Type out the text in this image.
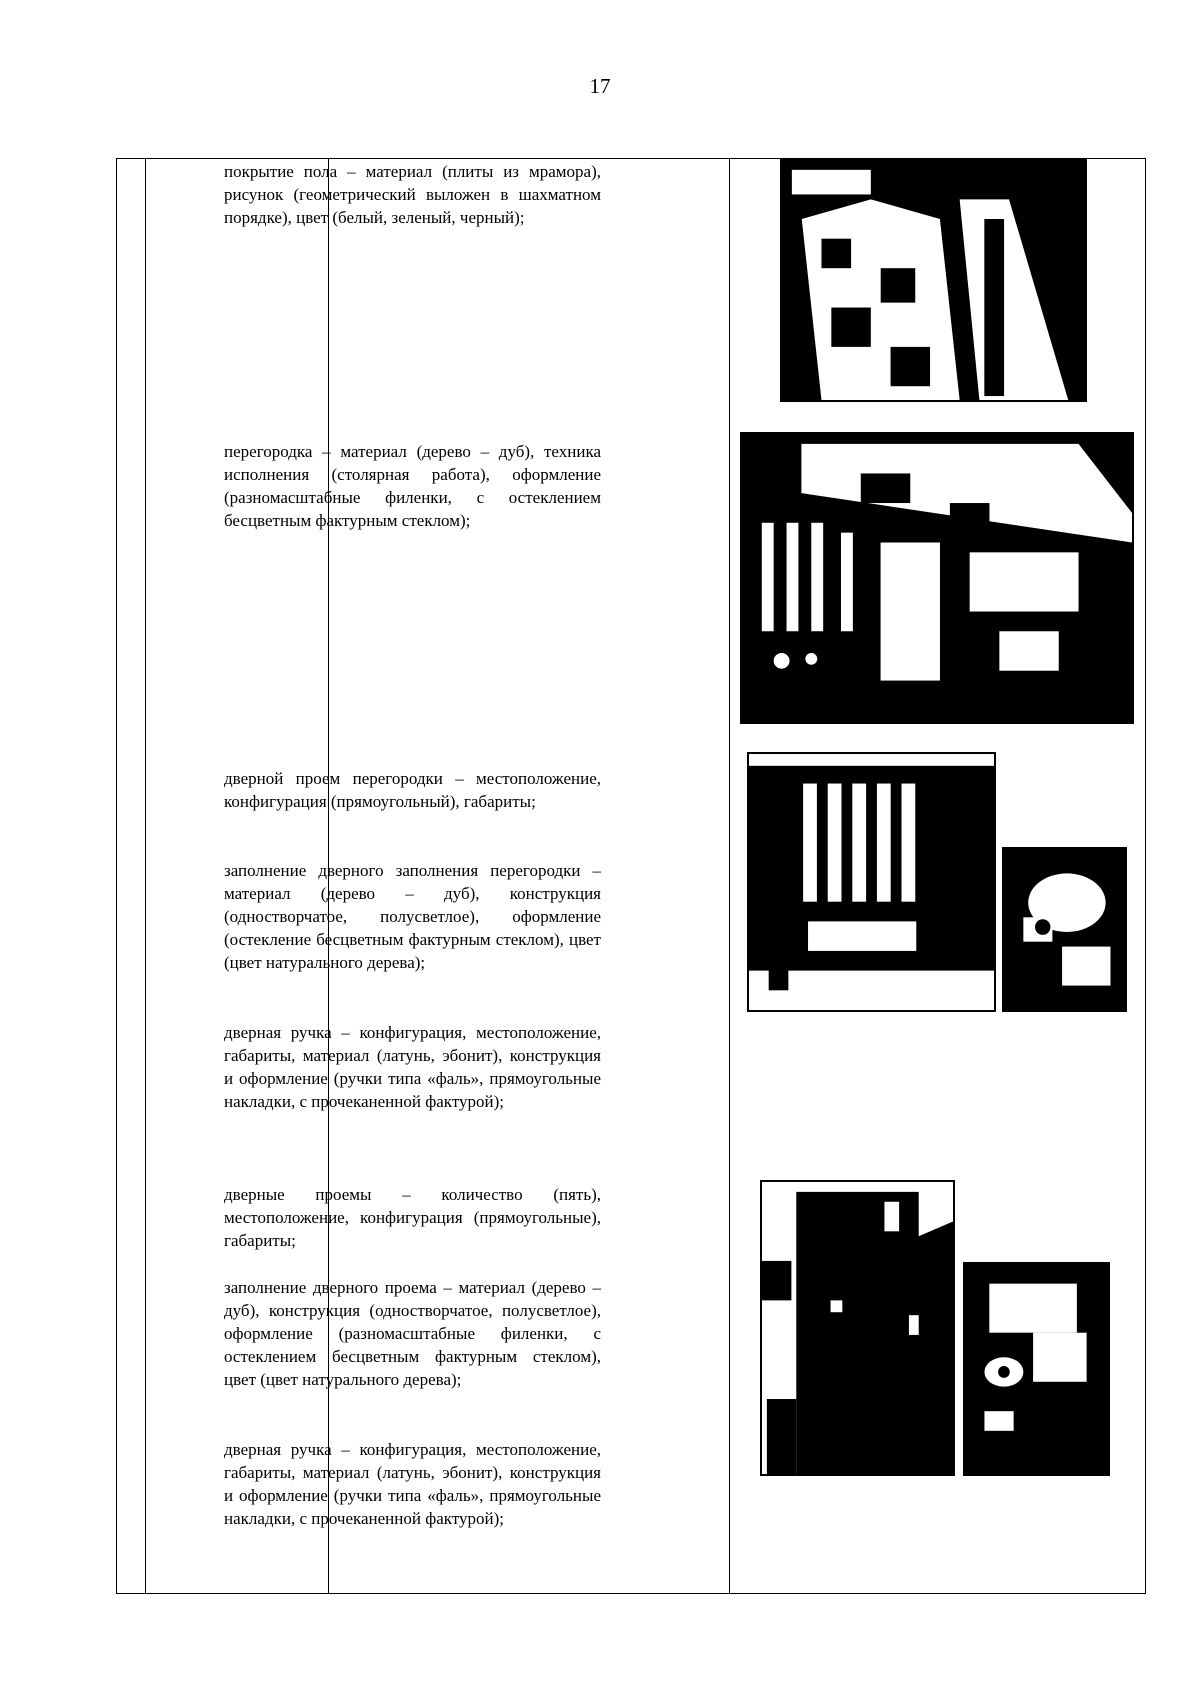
17

покрытие пола – материал (плиты из мрамора), рисунок (геометрический выложен в шахматном порядке), цвет (белый, зеленый, черный);

перегородка – материал (дерево – дуб), техника исполнения (столярная работа), оформление (разномасштабные филенки, с остеклением бесцветным фактурным стеклом);

дверной проем перегородки – местоположение, конфигурация (прямоугольный), габариты;

заполнение дверного заполнения перегородки – материал (дерево – дуб), конструкция (одностворчатое, полусветлое), оформление (остекление бесцветным фактурным стеклом), цвет (цвет натурального дерева);

дверная ручка – конфигурация, местоположение, габариты, материал (латунь, эбонит), конструкция и оформление (ручки типа «фаль», прямоугольные накладки, с прочеканенной фактурой);

дверные проемы – количество (пять), местоположение, конфигурация (прямоугольные), габариты;

заполнение дверного проема – материал (дерево – дуб), конструкция (одностворчатое, полусветлое), оформление (разномасштабные филенки, с остеклением бесцветным фактурным стеклом), цвет (цвет натурального дерева);

дверная ручка – конфигурация, местоположение, габариты, материал (латунь, эбонит), конструкция и оформление (ручки типа «фаль», прямоугольные накладки, с прочеканенной фактурой);
